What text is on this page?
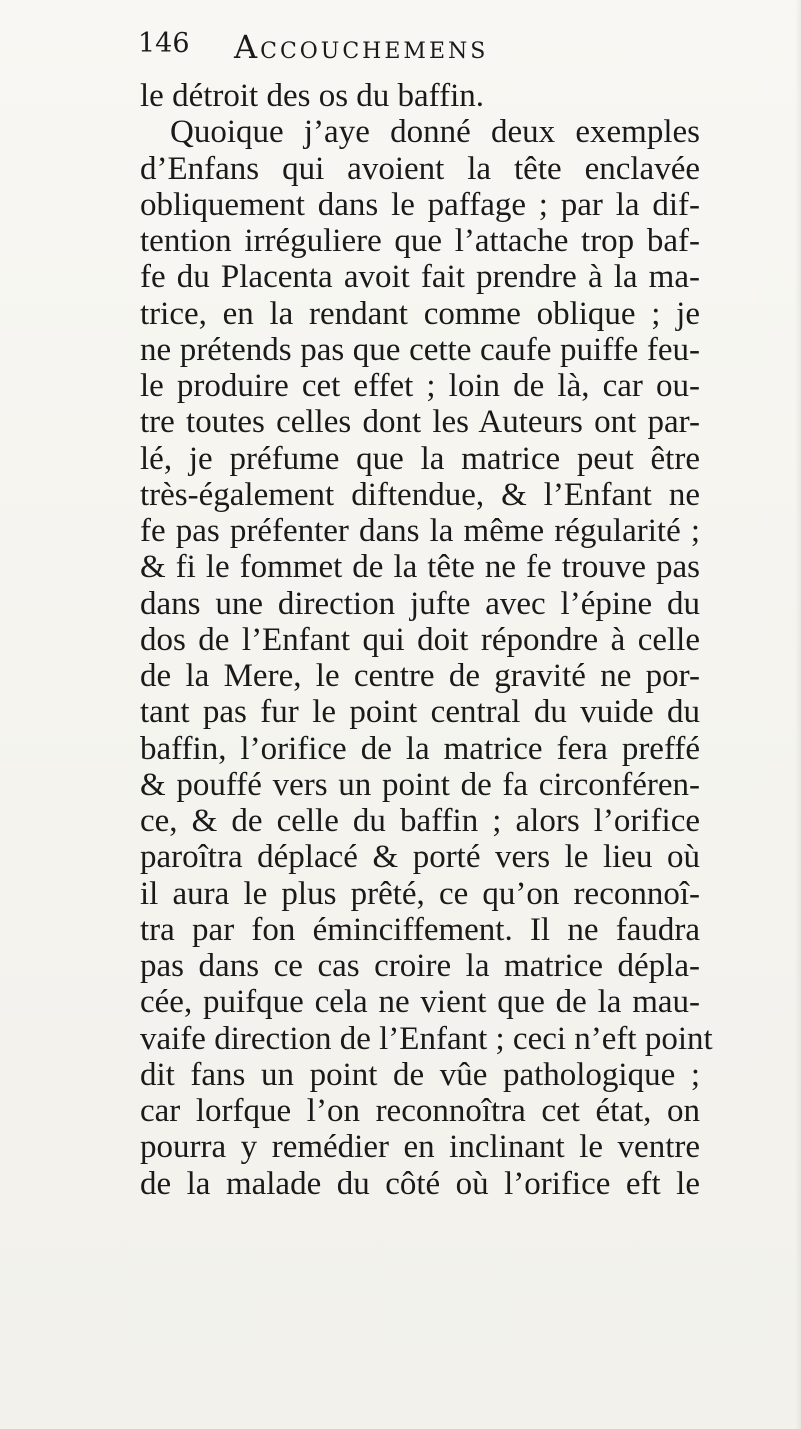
146 Accouchemens
le détroit des os du baffin.
Quoique j’aye donné deux exemples
d’Enfans qui avoient la tête enclavée
obliquement dans le paffage ; par la dif-
tention irréguliere que l’attache trop baf-
fe du Placenta avoit fait prendre à la ma-
trice, en la rendant comme oblique ; je
ne prétends pas que cette caufe puiffe feu-
le produire cet effet ; loin de là, car ou-
tre toutes celles dont les Auteurs ont par-
lé, je préfume que la matrice peut être
très-également diftendue, & l’Enfant ne
fe pas préfenter dans la même régularité ;
& fi le fommet de la tête ne fe trouve pas
dans une direction jufte avec l’épine du
dos de l’Enfant qui doit répondre à celle
de la Mere, le centre de gravité ne por-
tant pas fur le point central du vuide du
baffin, l’orifice de la matrice fera preffé
& pouffé vers un point de fa circonféren-
ce, & de celle du baffin ; alors l’orifice
paroîtra déplacé & porté vers le lieu où
il aura le plus prêté, ce qu’on reconnoî-
tra par fon éminciffement. Il ne faudra
pas dans ce cas croire la matrice dépla-
cée, puifque cela ne vient que de la mau-
vaife direction de l’Enfant ; ceci n’eft point
dit fans un point de vûe pathologique ;
car lorfque l’on reconnoîtra cet état, on
pourra y remédier en inclinant le ventre
de la malade du côté où l’orifice eft le
